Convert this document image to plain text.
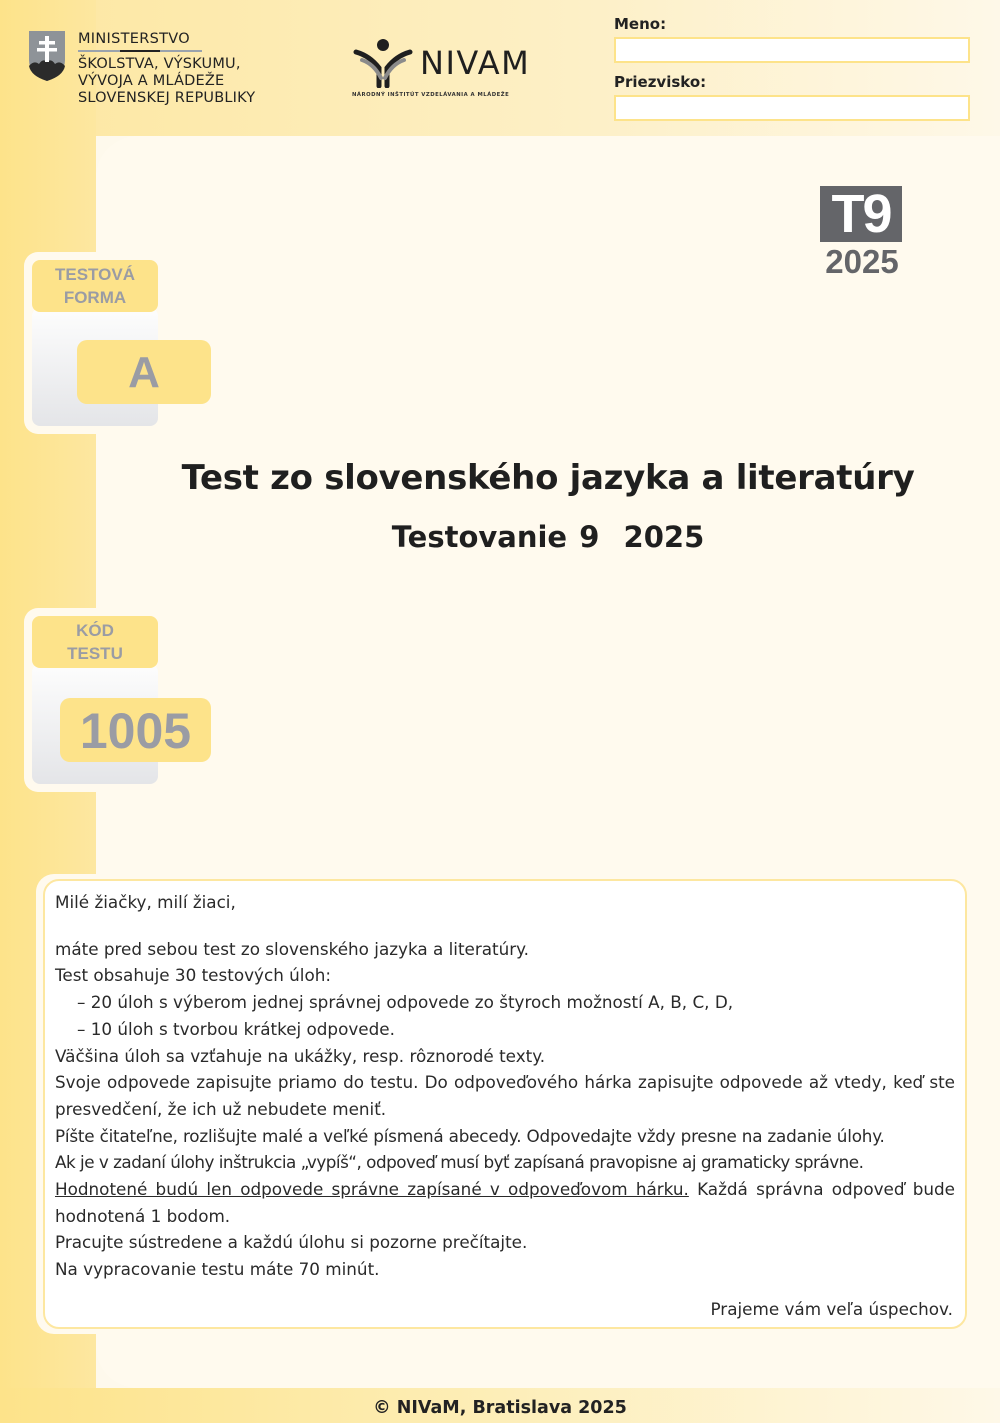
MINISTERSTVO
ŠKOLSTVA, VÝSKUMU,
VÝVOJA A MLÁDEŽE
SLOVENSKEJ REPUBLIKY
NIVAM
NÁRODNÝ INŠTITÚT VZDELÁVANIA A MLÁDEŽE
Meno:
Priezvisko:
T9
2025
TESTOVÁ
FORMA
A
KÓD
TESTU
1005
Test zo slovenského jazyka a literatúry
Testovanie 9  2025

Milé žiačky, milí žiaci,

máte pred sebou test zo slovenského jazyka a literatúry.

Test obsahuje 30 testových úloh:

– 20 úloh s výberom jednej správnej odpovede zo štyroch možností A, B, C, D,

– 10 úloh s tvorbou krátkej odpovede.

Väčšina úloh sa vzťahuje na ukážky, resp. rôznorodé texty.

Svoje odpovede zapisujte priamo do testu. Do odpoveďového hárka zapisujte odpovede až vtedy, keď ste presvedčení, že ich už nebudete meniť.

Píšte čitateľne, rozlišujte malé a veľké písmená abecedy. Odpovedajte vždy presne na zadanie úlohy.

Ak je v zadaní úlohy inštrukcia „vypíš“, odpoveď musí byť zapísaná pravopisne aj gramaticky správne.

Hodnotené budú len odpovede správne zapísané v odpoveďovom hárku. Každá správna odpoveď bude hodnotená 1 bodom.

Pracujte sústredene a každú úlohu si pozorne prečítajte.

Na vypracovanie testu máte 70 minút.

Prajeme vám veľa úspechov.

© NIVaM, Bratislava 2025
